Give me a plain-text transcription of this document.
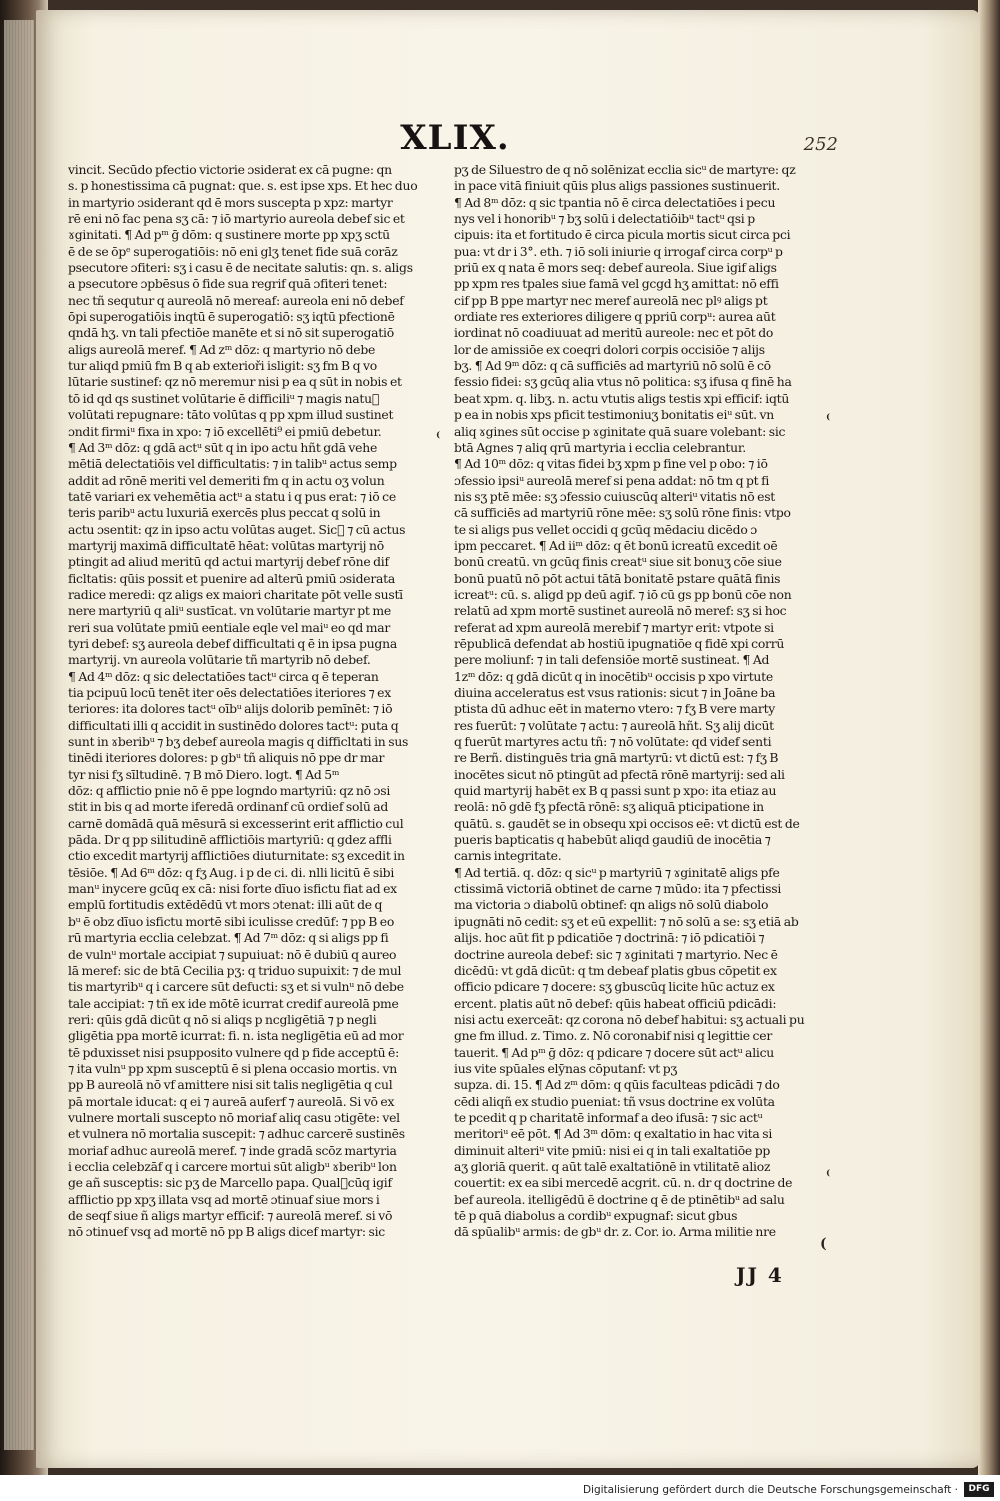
XLIX.	252
vincit. Secūdo pfectio victorie ɔsiderat ex cā pugne: qn
s. p honestissima cā pugnat: que. s. est ipse xps. Et hec duo
in martyrio ɔsiderant qd ē mors suscepta p xpz: martyr
rē eni nō fac pena sʒ cā: ⁊ iō martyrio aureola debef sic et
ɤginitati. ¶ Ad pᵐ ḡ dōm: q sustinere morte pp xpʒ sctū
ē de se ōpᵉ superogatiōis: nō eni glʒ tenet fide suā corāz
psecutore ɔfiteri: sʒ i casu ē de necitate salutis: qn. s. aligs
a psecutore ɔpbēsus ō fide sua regrif quā ɔfiteri tenet:
nec tñ sequtur q aureolā nō mereaf: aureola eni nō debef
ōpi superogatiōis inqtū ē superogatiō: sʒ iqtū pfectionē
qndā hʒ. vn tali pfectiōe manēte et si nō sit superogatiō
aligs aureolā meref. ¶ Ad zᵐ dōz: q martyrio nō debe
tur aliqd pmiū fm B q ab exterioři isligit: sʒ fm B q vo
lūtarie sustinef: qz nō meremur nisi p ea q sūt in nobis et
tō id qd qs sustinet volūtarie ē difficiliᵘ ⁊ magis natuᷓ
volūtati repugnare: tāto volūtas q pp xpm illud sustinet
ɔndit firmiᵘ fixa in xpo: ⁊ iō excellēti⁹ ei pmiū debetur.
¶ Ad 3ᵐ dōz: q gdā actᵘ sūt q in ipo actu hñt gdā vehe
mētiā delectatiōis vel difficultatis: ⁊ in talibᵘ actus semp
addit ad rōnē meriti vel demeriti fm q in actu oʒ volun
tatē variari ex vehemētia actᵘ a statu i q pus erat: ⁊ iō ce
teris paribᵘ actu luxuriā exercēs plus peccat q solū in
actu ɔsentit: qz in ipso actu volūtas auget. Sicᷓ ⁊ cū actus
martyrij maximā difficultatē hēat: volūtas martyrij nō
ptingit ad aliud meritū qd actui martyrij debef rōne dif
ficltatis: qūis possit et puenire ad alterū pmiū ɔsiderata
radice meredi: qz aligs ex maiori charitate pōt velle sustī
nere martyriū q aliᵘ sustīcat. vn volūtarie martyr pt me
reri sua volūtate pmiū eentiale eqle vel maiᵘ eo qd mar
tyri debef: sʒ aureola debef difficultati q ē in ipsa pugna
martyrij. vn aureola volūtarie tñ martyrib nō debef.
¶ Ad 4ᵐ dōz: q sic delectatiōes tactᵘ circa q ē teperan
tia pcipuū locū tenēt iter oēs delectatiōes iteriores ⁊ ex
teriores: ita dolores tactᵘ oībᵘ alijs dolorib pemīnēt: ⁊ iō
difficultati illi q accidit in sustinēdo dolores tactᵘ: puta q
sunt in ɤberibᵘ ⁊ bʒ debef aureola magis q difficltati in sus
tinēdi iteriores dolores: p gbᵘ tñ aliquis nō ppe dr mar
tyr nisi fʒ sīltudinē. ⁊ B mō Diero. logt. ¶ Ad 5ᵐ
dōz: q afflictio pnie nō ē ppe logndo martyriū: qz nō ɔsi
stit in bis q ad morte iferedā ordinanf cū ordief solū ad
carnē domādā quā mēsurā si excesserint erit afflictio cul
pāda. Dr q pp silitudinē afflictiōis martyriū: q gdez affli
ctio excedit martyrij afflictiōes diuturnitate: sʒ excedit in
tēsiōe. ¶ Ad 6ᵐ dōz: q fʒ Aug. i p de ci. di. nlli licitū ē sibi
manᵘ inycere gcūq ex cā: nisi forte dīuo isfictu fiat ad ex
emplū fortitudis extēdēdū vt mors ɔtenat: illi aūt de q
bᵘ ē obz dīuo isfictu mortē sibi iculisse credūf: ⁊ pp B eo
rū martyria ecclia celebzat. ¶ Ad 7ᵐ dōz: q si aligs pp fi
de vulnᵘ mortale accipiat ⁊ supuiuat: nō ē dubiū q aureo
lā meref: sic de btā Cecilia pʒ: q triduo supuixit: ⁊ de mul
tis martyribᵘ q i carcere sūt defucti: sʒ et si vulnᵘ nō debe
tale accipiat: ⁊ tñ ex ide mōtē icurrat credif aureolā pme
reri: qūis gdā dicūt q nō si aliqs p ncgligētiā ⁊ p negli
gligētia ppa mortē icurrat: fi. n. ista negligētia eū ad mor
tē pduxisset nisi psupposito vulnere qd p fide acceptū ē:
⁊ ita vulnᵘ pp xpm susceptū ē si plena occasio mortis. vn
pp B aureolā nō vf amittere nisi sit talis negligētia q cul
pā mortale iducat: q ei ⁊ aureā auferf ⁊ aureolā. Si vō ex
vulnere mortali suscepto nō moriaf aliq casu ɔtigēte: vel
et vulnera nō mortalia suscepit: ⁊ adhuc carcerē sustinēs
moriaf adhuc aureolā meref. ⁊ inde gradā scōz martyria
i ecclia celebzāf q i carcere mortui sūt aligbᵘ ɤberibᵘ lon
ge añ susceptis: sic pʒ de Marcello papa. Qualᷓcūq igif
afflictio pp xpʒ illata vsq ad mortē ɔtinuaf siue mors i
de seqf siue ñ aligs martyr efficif: ⁊ aureolā meref. si vō
nō ɔtinuef vsq ad mortē nō pp B aligs dicef martyr: sic
pʒ de Siluestro de q nō solēnizat ecclia sicᵘ de martyre: qz
in pace vitā finiuit qūis plus aligs passiones sustinuerit.
¶ Ad 8ᵐ dōz: q sic tpantia nō ē circa delectatiōes i pecu
nys vel i honoribᵘ ⁊ bʒ solū i delectatiōibᵘ tactᵘ qsi p
cipuis: ita et fortitudo ē circa picula mortis sicut circa pci
pua: vt dr i 3°. eth. ⁊ iō soli iniurie q irrogaf circa corpᵘ p
priū ex q nata ē mors seq: debef aureola. Siue igif aligs
pp xpm res tpales siue famā vel gcgd hʒ amittat: nō effi
cif pp B ppe martyr nec meref aureolā nec plꝰ aligs pt
ordiate res exteriores diligere q ppriū corpᵘ: aurea aūt
iordinat nō coadiuuat ad meritū aureole: nec et pōt do
lor de amissiōe ex coeqri dolori corpis occisiōe ⁊ alijs
bʒ. ¶ Ad 9ᵐ dōz: q cā sufficiēs ad martyriū nō solū ē cō
fessio fidei: sʒ gcūq alia vtus nō politica: sʒ ifusa q finē ha
beat xpm. q. libʒ. n. actu vtutis aligs testis xpi efficif: iqtū
p ea in nobis xps pficit testimoniuʒ bonitatis eiᵘ sūt. vn
aliq ɤgines sūt occise p ɤginitate quā suare volebant: sic
btā Agnes ⁊ aliq qrū martyria i ecclia celebrantur.
¶ Ad 10ᵐ dōz: q vitas fidei bʒ xpm p fine vel p obo: ⁊ iō
ɔfessio ipsiᵘ aureolā meref si pena addat: nō tm q pt fi
nis sʒ ptē mēe: sʒ ɔfessio cuiuscūq alteriᵘ vitatis nō est
cā sufficiēs ad martyriū rōne mēe: sʒ solū rōne finis: vtpo
te si aligs pus vellet occidi q gcūq mēdaciu dicēdo ɔ
ipm peccaret. ¶ Ad iiᵐ dōz: q ēt bonū icreatū excedit oē
bonū creatū. vn gcūq finis creatᵘ siue sit bonuʒ cōe siue
bonū puatū nō pōt actui tātā bonitatē pstare quātā finis
icreatᵘ: cū. s. aligd pp deū agif. ⁊ iō cū gs pp bonū cōe non
relatū ad xpm mortē sustinet aureolā nō meref: sʒ si hoc
referat ad xpm aureolā merebif ⁊ martyr erit: vtpote si
rēpublicā defendat ab hostiū ipugnatiōe q fidē xpi corrū
pere moliunf: ⁊ in tali defensiōe mortē sustineat. ¶ Ad
1zᵐ dōz: q gdā dicūt q in inocētibᵘ occisis p xpo virtute
diuina acceleratus est vsus rationis: sicut ⁊ in Joāne ba
ptista dū adhuc eēt in materno vtero: ⁊ fʒ B vere marty
res fuerūt: ⁊ volūtate ⁊ actu: ⁊ aureolā hñt. Sʒ alij dicūt
q fuerūt martyres actu tñ: ⁊ nō volūtate: qd videf senti
re Berñ. distinguēs tria gnā martyrū: vt dictū est: ⁊ fʒ B
inocētes sicut nō ptingūt ad pfectā rōnē martyrij: sed ali
quid martyrij habēt ex B q passi sunt p xpo: ita etiaz au
reolā: nō gdē fʒ pfectā rōnē: sʒ aliquā pticipatione in
quātū. s. gaudēt se in obsequ xpi occisos eē: vt dictū est de
pueris bapticatis q habebūt aliqd gaudiū de inocētia ⁊
carnis integritate.
¶ Ad tertiā. q. dōz: q sicᵘ p martyriū ⁊ ɤginitatē aligs pfe
ctissimā victoriā obtinet de carne ⁊ mūdo: ita ⁊ pfectissi
ma victoria ɔ diabolū obtinef: qn aligs nō solū diabolo
ipugnāti nō cedit: sʒ et eū expellit: ⁊ nō solū a se: sʒ etiā ab
alijs. hoc aūt fit p pdicatiōe ⁊ doctrinā: ⁊ iō pdicatiōi ⁊
doctrine aureola debef: sic ⁊ ɤginitati ⁊ martyrio. Nec ē
dicēdū: vt gdā dicūt: q tm debeaf platis gbus cōpetit ex
officio pdicare ⁊ docere: sʒ gbuscūq licite hūc actuz ex
ercent. platis aūt nō debef: qūis habeat officiū pdicādi:
nisi actu exerceāt: qz corona nō debef habitui: sʒ actuali pu
gne fm illud. z. Timo. z. Nō coronabif nisi q legittie cer
tauerit. ¶ Ad pᵐ ḡ dōz: q pdicare ⁊ docere sūt actᵘ alicu
ius vite spūales elȳnas cōputanf: vt pʒ
supza. di. 15. ¶ Ad zᵐ dōm: q qūis faculteas pdicādi ⁊ do
cēdi aliqñ ex studio pueniat: tñ vsus doctrine ex volūta
te pcedit q p charitatē informaf a deo ifusā: ⁊ sic actᵘ
meritoriᵘ eē pōt. ¶ Ad 3ᵐ dōm: q exaltatio in hac vita si
diminuit alteriᵘ vite pmiū: nisi ei q in tali exaltatiōe pp
aʒ gloriā querit. q aūt talē exaltatiōnē in vtilitatē alioz
couertit: ex ea sibi mercedē acgrit. cū. n. dr q doctrine de
bef aureola. itelligēdū ē doctrine q ē de ptinētibᵘ ad salu
tē p quā diabolus a cordibᵘ expugnaf: sicut gbus
dā spūalibᵘ armis: de gbᵘ dr. z. Cor. io. Arma militie nre
⁽
⁽
⁽
(
JJ 4
Digitalisierung gefördert durch die Deutsche Forschungsgemeinschaft ·	DFG
